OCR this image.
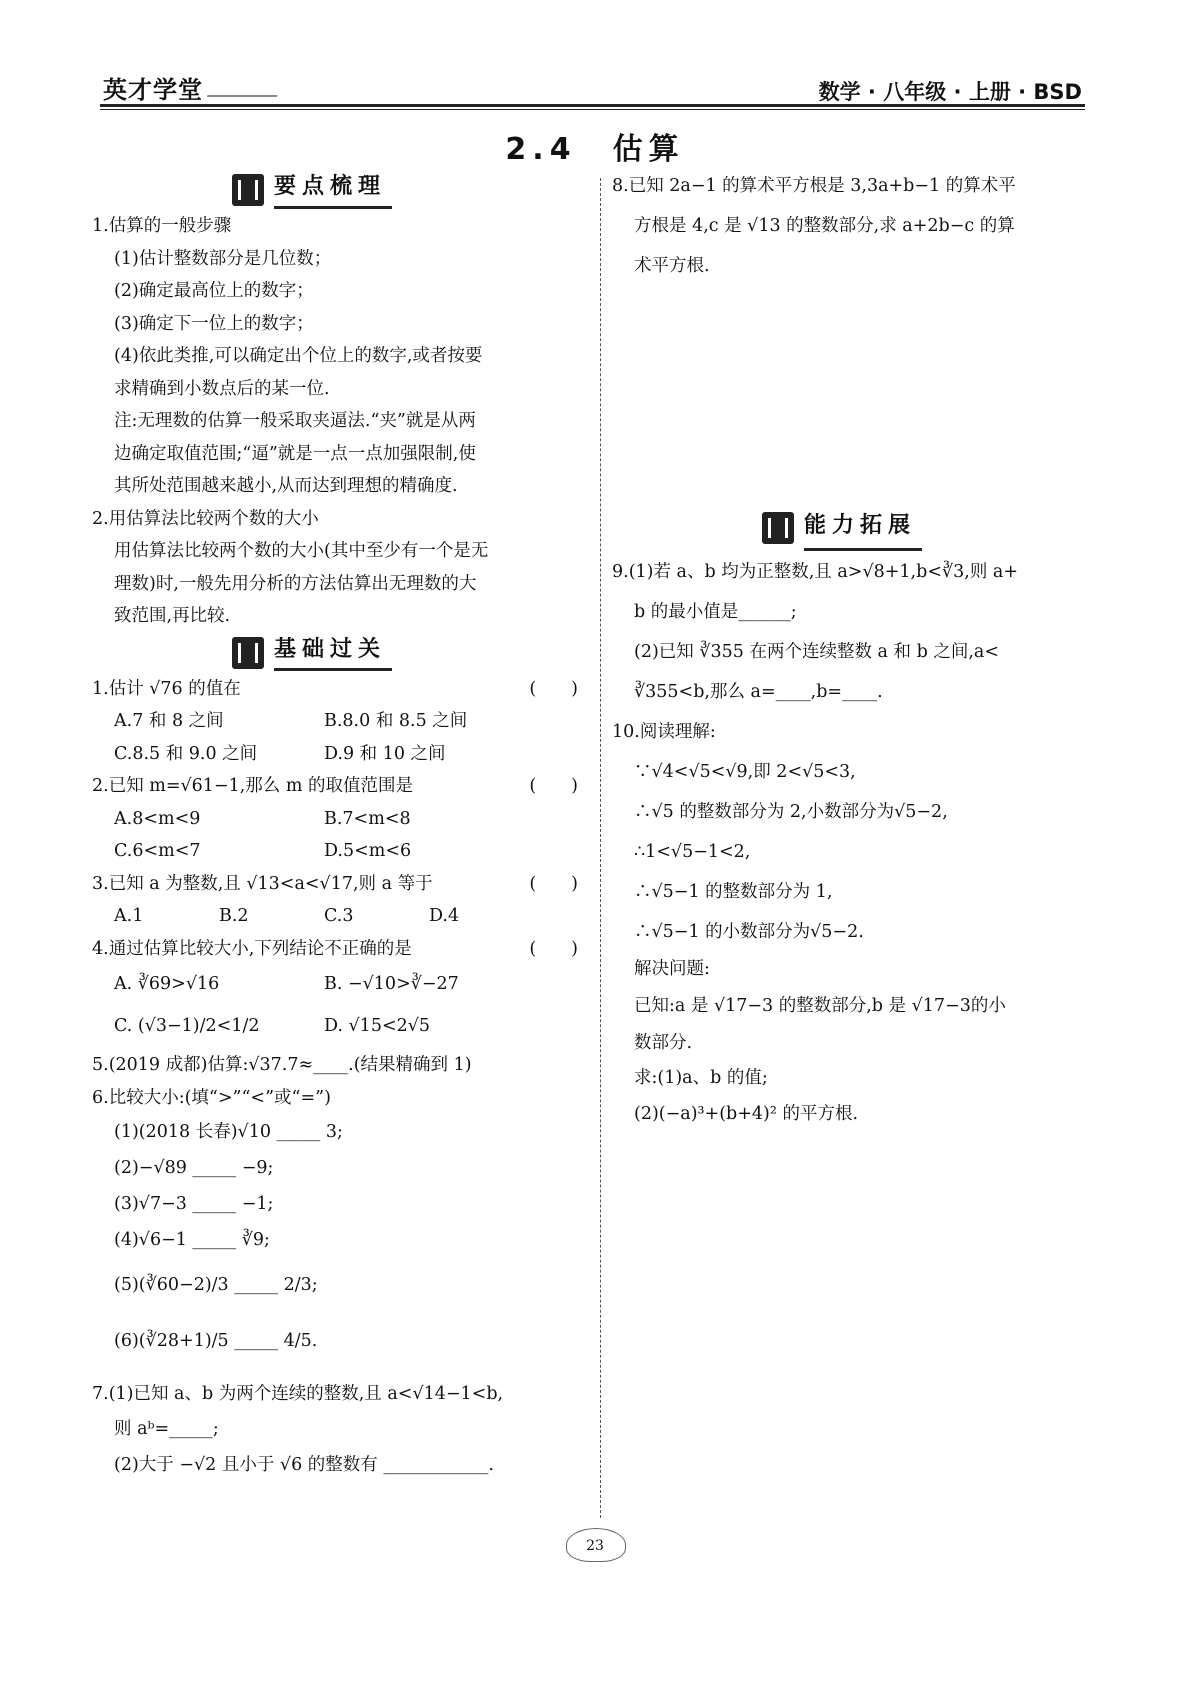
英才学堂	数学 · 八年级 · 上册 · BSD
2.4　估算
要点梳理

1.估算的一般步骤

(1)估计整数部分是几位数；

(2)确定最高位上的数字；

(3)确定下一位上的数字；

(4)依此类推,可以确定出个位上的数字,或者按要

求精确到小数点后的某一位.

注:无理数的估算一般采取夹逼法.“夹”就是从两

边确定取值范围;“逼”就是一点一点加强限制,使

其所处范围越来越小,从而达到理想的精确度.

2.用估算法比较两个数的大小

用估算法比较两个数的大小(其中至少有一个是无

理数)时,一般先用分析的方法估算出无理数的大

致范围,再比较.

基础过关

1.估计 √76 的值在	(　　)

A.7 和 8 之间	B.8.0 和 8.5 之间

C.8.5 和 9.0 之间	D.9 和 10 之间

2.已知 m=√61−1,那么 m 的取值范围是	(　　)

A.8<m<9	B.7<m<8

C.6<m<7	D.5<m<6

3.已知 a 为整数,且 √13<a<√17,则 a 等于	(　　)

A.1	B.2	C.3	D.4

4.通过估算比较大小,下列结论不正确的是	(　　)

A. ∛69>√16	B. −√10>∛−27

C. (√3−1)/2<1/2	D. √15<2√5

5.(2019 成都)估算:√37.7≈____.(结果精确到 1)

6.比较大小:(填“>”“<”或“=”)

(1)(2018 长春)√10 _____ 3;

(2)−√89 _____ −9;

(3)√7−3 _____ −1;

(4)√6−1 _____ ∛9;

(5)(∛60−2)/3 _____ 2/3;

(6)(∛28+1)/5 _____ 4/5.

7.(1)已知 a、b 为两个连续的整数,且 a<√14−1<b,

则 aᵇ=_____;

(2)大于 −√2 且小于 √6 的整数有 ____________.

8.已知 2a−1 的算术平方根是 3,3a+b−1 的算术平

方根是 4,c 是 √13 的整数部分,求 a+2b−c 的算

术平方根.

能力拓展

9.(1)若 a、b 均为正整数,且 a>√8+1,b<∛3,则 a+

b 的最小值是______;

(2)已知 ∛355 在两个连续整数 a 和 b 之间,a<

∛355<b,那么 a=____,b=____.

10.阅读理解:

∵√4<√5<√9,即 2<√5<3,

∴√5 的整数部分为 2,小数部分为√5−2,

∴1<√5−1<2,

∴√5−1 的整数部分为 1,

∴√5−1 的小数部分为√5−2.

解决问题:

已知:a 是 √17−3 的整数部分,b 是 √17−3的小

数部分.

求:(1)a、b 的值;

(2)(−a)³+(b+4)² 的平方根.

23
